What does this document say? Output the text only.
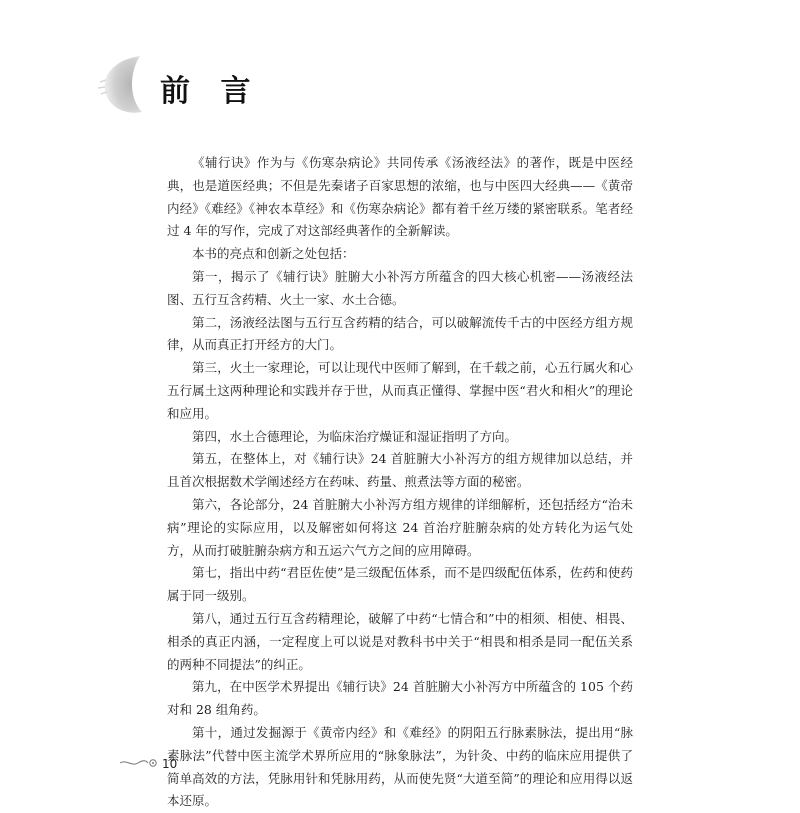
前 言

《辅行诀》作为与《伤寒杂病论》共同传承《汤液经法》的著作，既是中医经典，也是道医经典；不但是先秦诸子百家思想的浓缩，也与中医四大经典——《黄帝内经》《难经》《神农本草经》和《伤寒杂病论》都有着千丝万缕的紧密联系。笔者经过 4 年的写作，完成了对这部经典著作的全新解读。

本书的亮点和创新之处包括：

第一，揭示了《辅行诀》脏腑大小补泻方所蕴含的四大核心机密——汤液经法图、五行互含药精、火土一家、水土合德。

第二，汤液经法图与五行互含药精的结合，可以破解流传千古的中医经方组方规律，从而真正打开经方的大门。

第三，火土一家理论，可以让现代中医师了解到，在千载之前，心五行属火和心五行属土这两种理论和实践并存于世，从而真正懂得、掌握中医“君火和相火”的理论和应用。

第四，水土合德理论，为临床治疗燥证和湿证指明了方向。

第五，在整体上，对《辅行诀》24 首脏腑大小补泻方的组方规律加以总结，并且首次根据数术学阐述经方在药味、药量、煎煮法等方面的秘密。

第六，各论部分，24 首脏腑大小补泻方组方规律的详细解析，还包括经方“治未病”理论的实际应用，以及解密如何将这 24 首治疗脏腑杂病的处方转化为运气处方，从而打破脏腑杂病方和五运六气方之间的应用障碍。

第七，指出中药“君臣佐使”是三级配伍体系，而不是四级配伍体系，佐药和使药属于同一级别。

第八，通过五行互含药精理论，破解了中药“七情合和”中的相须、相使、相畏、相杀的真正内涵，一定程度上可以说是对教科书中关于“相畏和相杀是同一配伍关系的两种不同提法”的纠正。

第九，在中医学术界提出《辅行诀》24 首脏腑大小补泻方中所蕴含的 105 个药对和 28 组角药。

第十，通过发掘源于《黄帝内经》和《难经》的阴阳五行脉素脉法，提出用“脉素脉法”代替中医主流学术界所应用的“脉象脉法”，为针灸、中药的临床应用提供了简单高效的方法，凭脉用针和凭脉用药，从而使先贤“大道至简”的理论和应用得以返本还原。

10
